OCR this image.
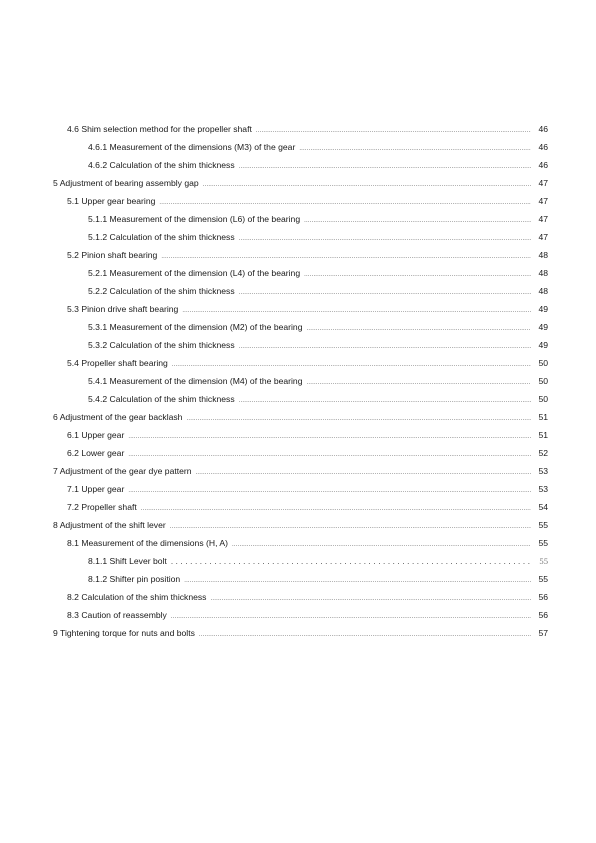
4.6 Shim selection method for the propeller shaft .....	46
4.6.1 Measurement of the dimensions (M3) of the gear .....	46
4.6.2 Calculation of the shim thickness .....	46
5 Adjustment of bearing assembly gap .....	47
5.1 Upper gear bearing .....	47
5.1.1 Measurement of the dimension (L6) of the bearing .....	47
5.1.2 Calculation of the shim thickness .....	47
5.2 Pinion shaft bearing .....	48
5.2.1 Measurement of the dimension (L4) of the bearing .....	48
5.2.2 Calculation of the shim thickness .....	48
5.3 Pinion drive shaft bearing .....	49
5.3.1 Measurement of the dimension (M2) of the bearing .....	49
5.3.2 Calculation of the shim thickness .....	49
5.4 Propeller shaft bearing .....	50
5.4.1 Measurement of the dimension (M4) of the bearing .....	50
5.4.2 Calculation of the shim thickness .....	50
6 Adjustment of the gear backlash .....	51
6.1 Upper gear .....	51
6.2 Lower gear .....	52
7 Adjustment of the gear dye pattern .....	53
7.1 Upper gear .....	53
7.2 Propeller shaft .....	54
8 Adjustment of the shift lever .....	55
8.1 Measurement of the dimensions (H, A) .....	55
8.1.1 Shift Lever bolt .....	55
8.1.2 Shifter pin position .....	55
8.2 Calculation of the shim thickness .....	56
8.3 Caution of reassembly .....	56
9 Tightening torque for nuts and bolts .....	57
